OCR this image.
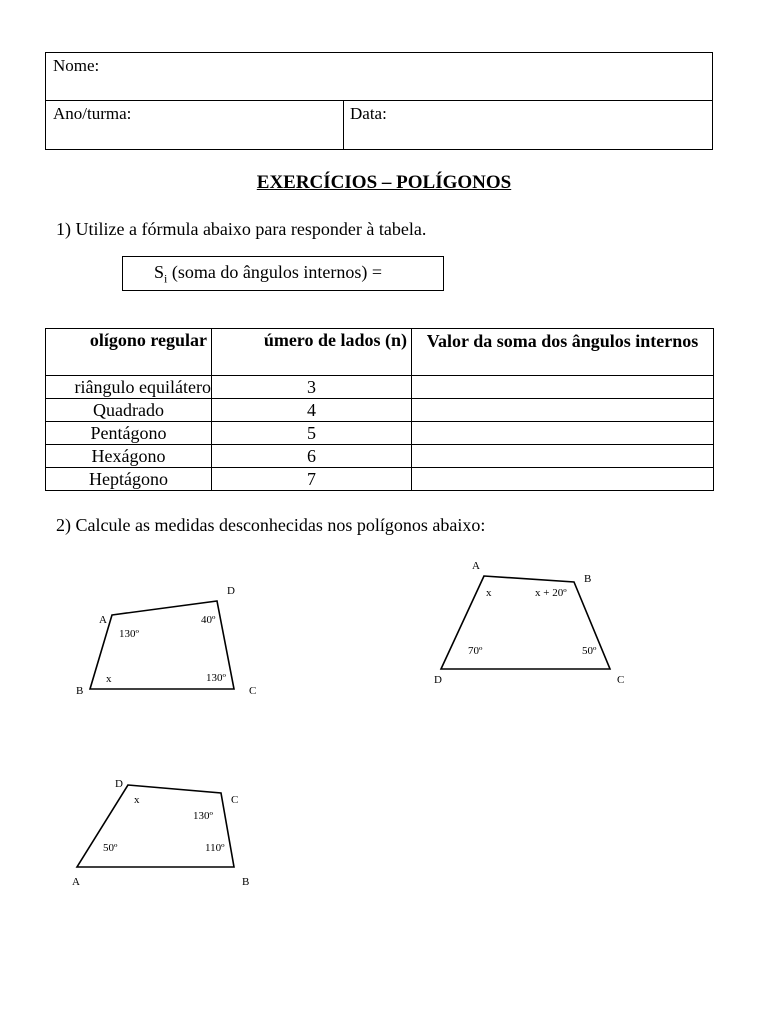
Nome:
Ano/turma:	Data:
EXERCÍCIOS – POLÍGONOS
1) Utilize a fórmula abaixo para responder à tabela.
$S_i$ (soma do ângulos internos) =
olígono regular	úmero de lados (n)	Valor da soma dos ângulos internos
riângulo equilátero	3	
Quadrado	4	
Pentágono	5	
Hexágono	6	
Heptágono	7	
2) Calcule as medidas desconhecidas nos polígonos abaixo:
A
D
C
B
130º
40º
130º
x
A
B
C
D
x	x + 20º
70º	50º
D
C
A	B
x
130º
50º	110º
